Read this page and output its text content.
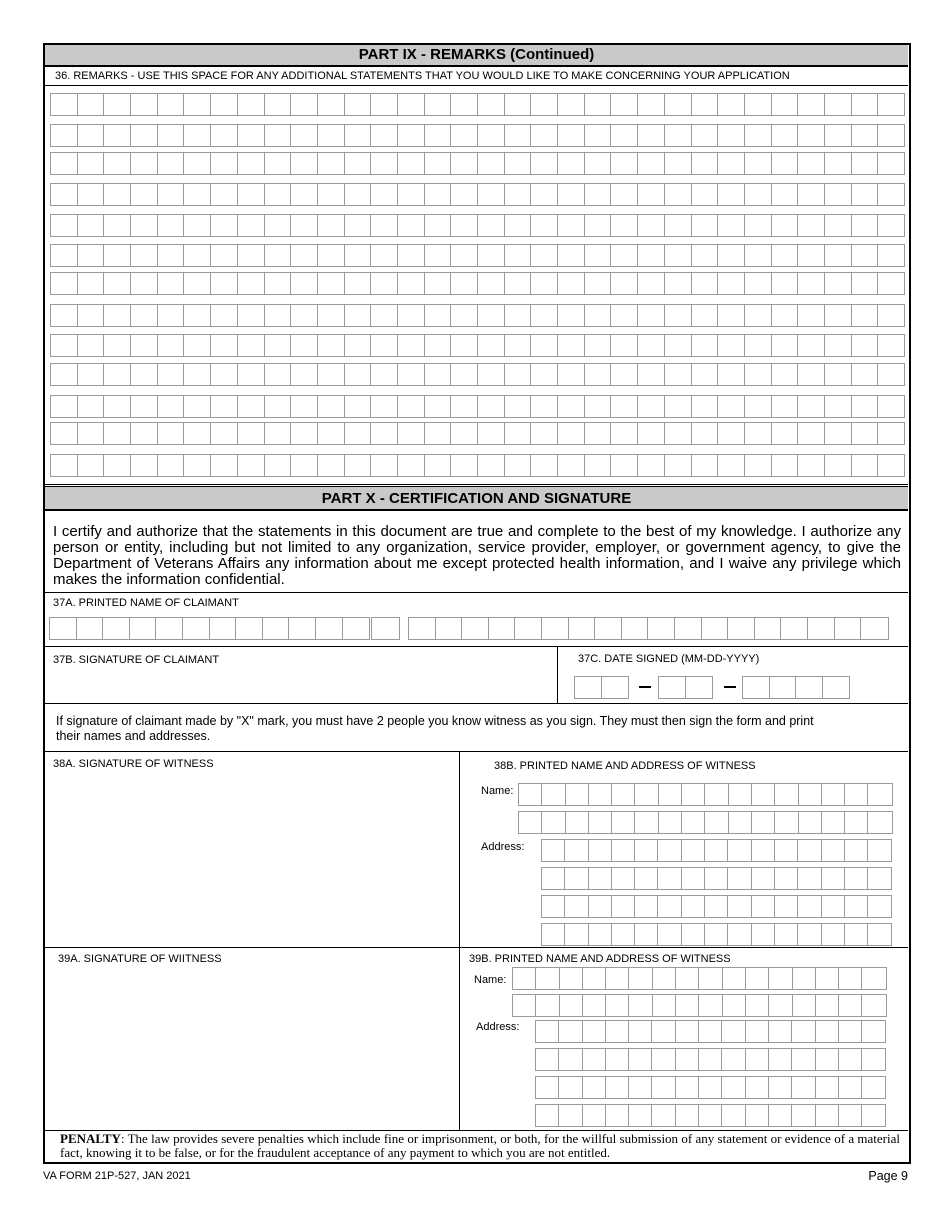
PART IX - REMARKS (Continued)
36. REMARKS - USE THIS SPACE FOR ANY ADDITIONAL STATEMENTS THAT YOU WOULD LIKE TO MAKE CONCERNING YOUR APPLICATION
PART X - CERTIFICATION AND SIGNATURE
I certify and authorize that the statements in this document are true and complete to the best of my knowledge. I authorize any person or entity, including but not limited to any organization, service provider, employer, or government agency, to give the Department of Veterans Affairs any information about me except protected health information, and I waive any privilege which makes the information confidential.
37A. PRINTED NAME OF CLAIMANT
37B. SIGNATURE OF CLAIMANT	37C. DATE SIGNED (MM-DD-YYYY)
If signature of claimant made by "X" mark, you must have 2 people you know witness as you sign. They must then sign the form and print their names and addresses.
38A. SIGNATURE OF WITNESS	38B. PRINTED NAME AND ADDRESS OF WITNESS
Name:
Address:
39A. SIGNATURE OF WIITNESS	39B. PRINTED NAME AND ADDRESS OF WITNESS
Name:
Address:
PENALTY: The law provides severe penalties which include fine or imprisonment, or both, for the willful submission of any statement or evidence of a material fact, knowing it to be false, or for the fraudulent acceptance of any payment to which you are not entitled.
VA FORM 21P-527, JAN 2021	Page 9
